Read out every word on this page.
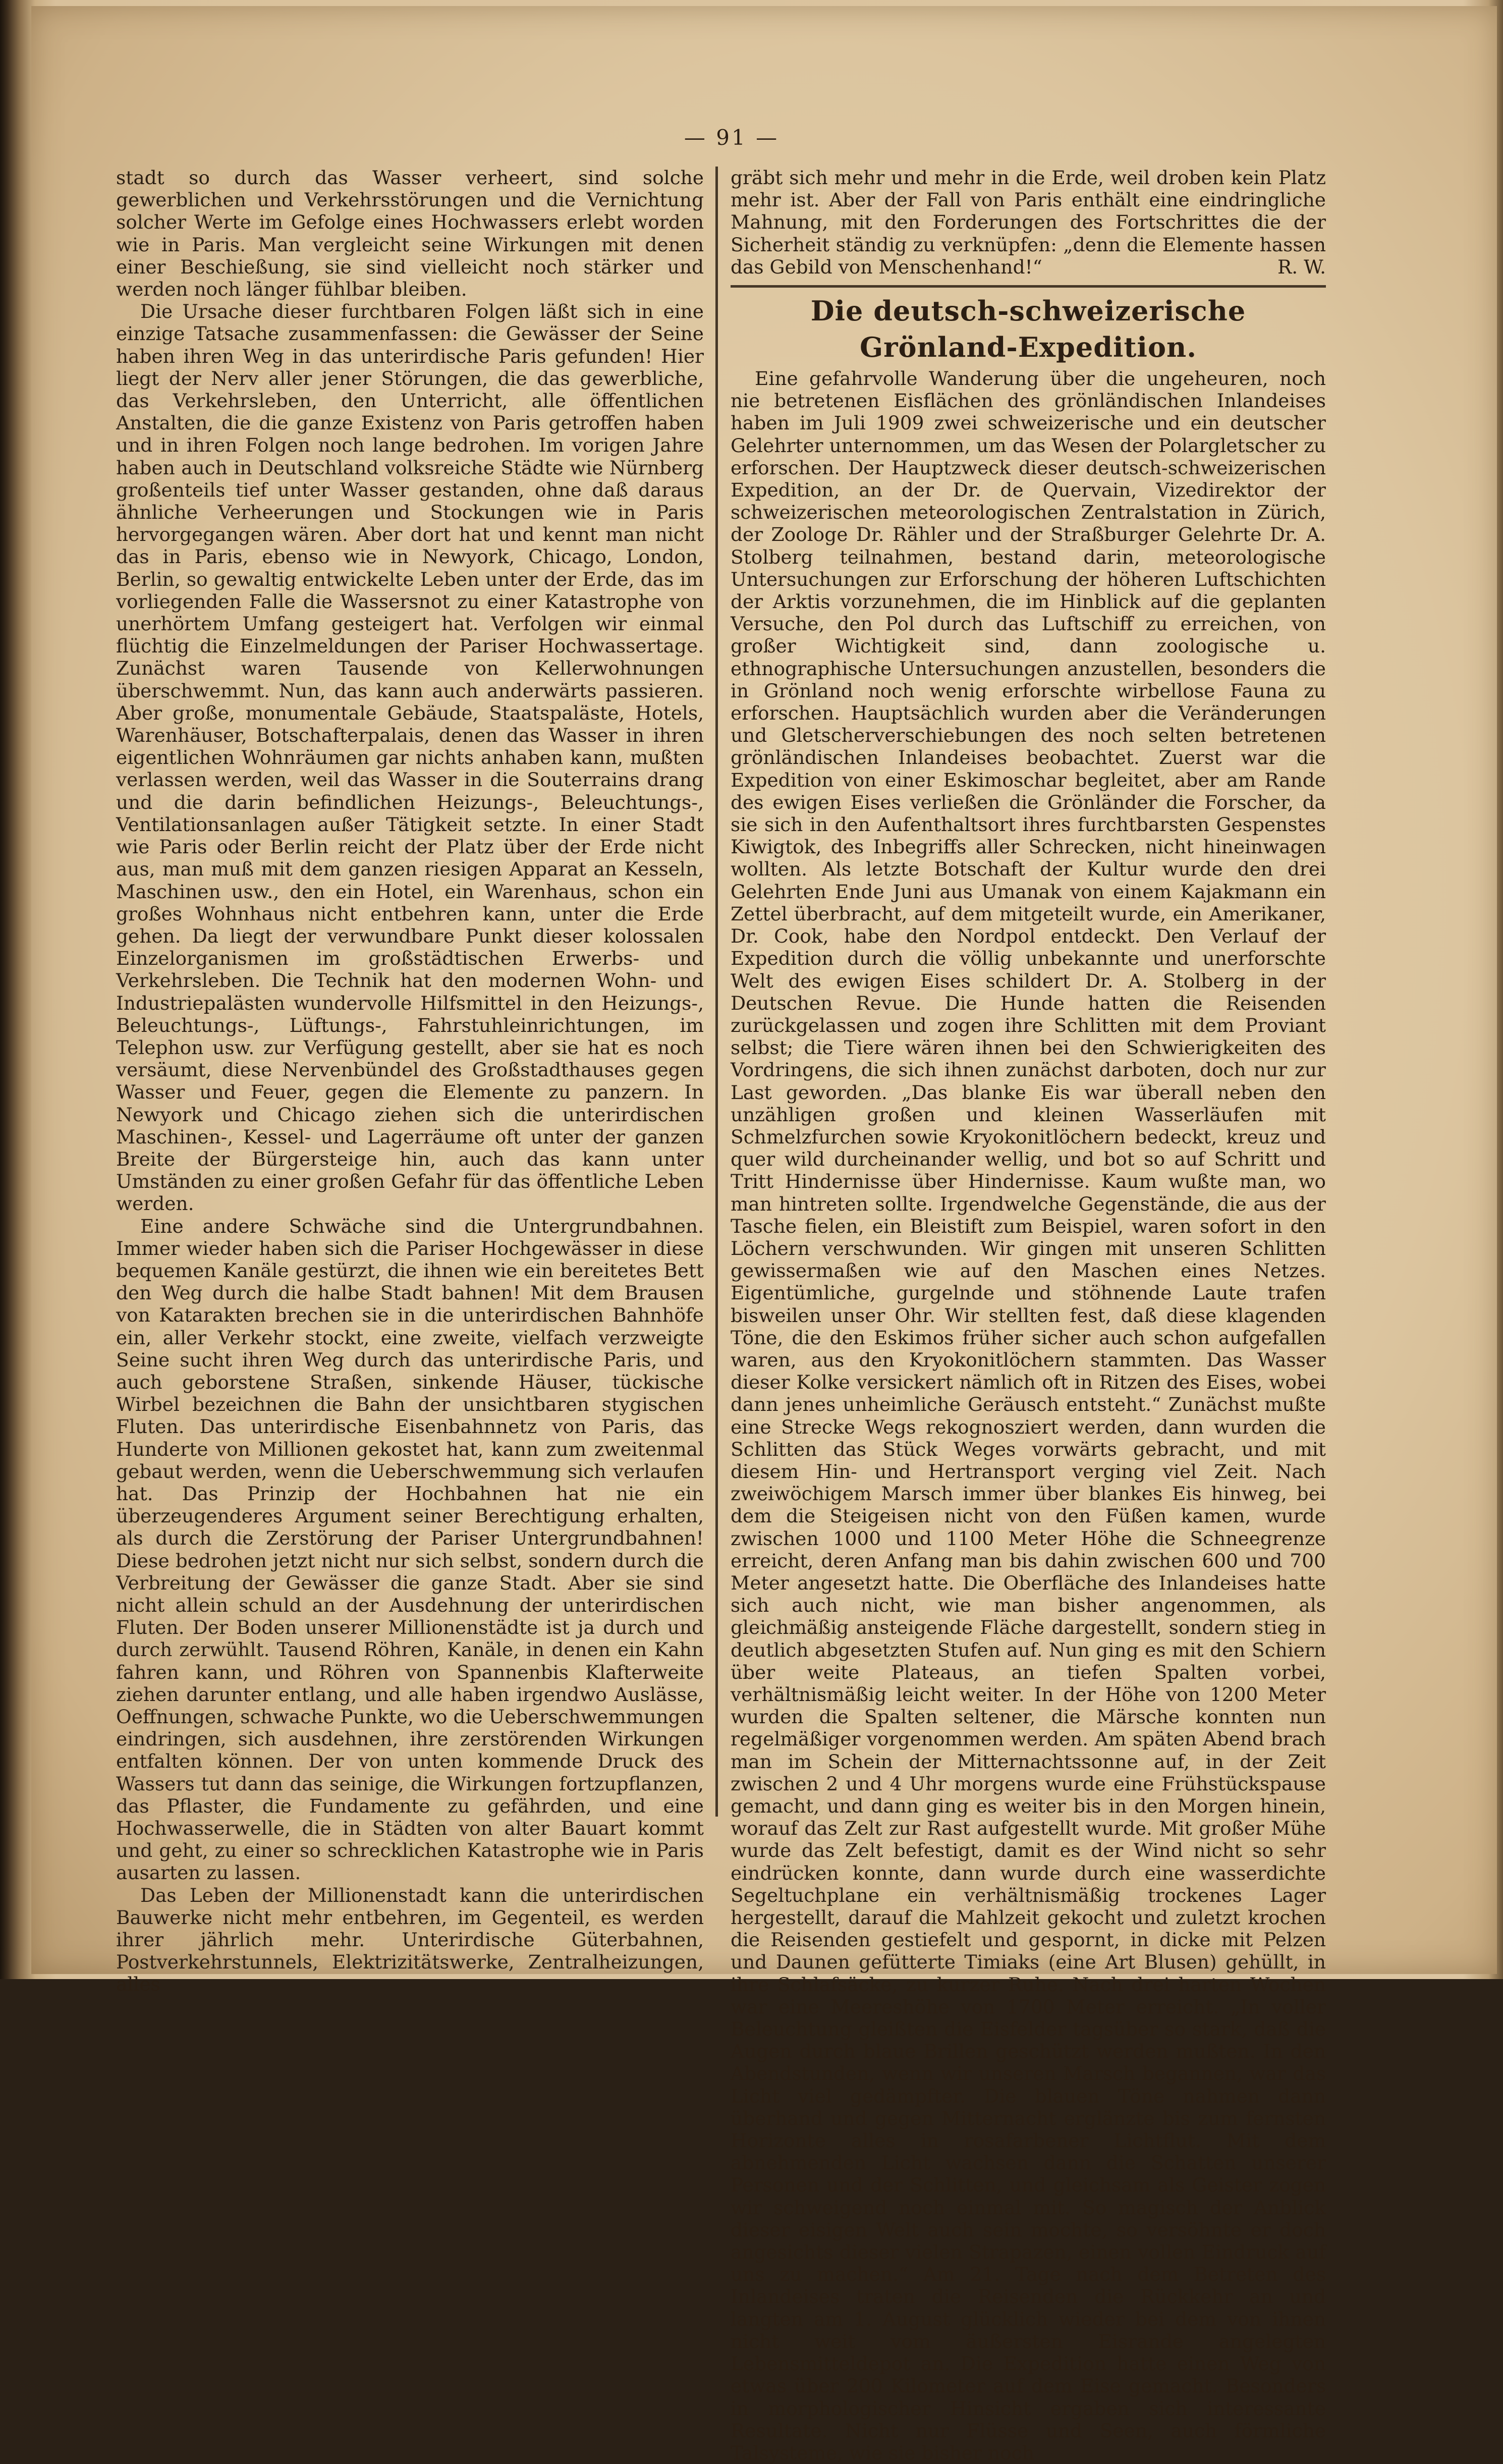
— 91 —

stadt so durch das Wasser verheert, sind solche gewerblichen und Verkehrsstörungen und die Vernichtung solcher Werte im Gefolge eines Hochwassers erlebt worden wie in Paris. Man vergleicht seine Wirkungen mit denen einer Beschießung, sie sind vielleicht noch stärker und werden noch länger fühlbar bleiben.

Die Ursache dieser furchtbaren Folgen läßt sich in eine einzige Tatsache zusammenfassen: die Gewässer der Seine haben ihren Weg in das unterirdische Paris gefunden! Hier liegt der Nerv aller jener Störungen, die das gewerbliche, das Verkehrsleben, den Unterricht, alle öffentlichen Anstalten, die die ganze Existenz von Paris getroffen haben und in ihren Folgen noch lange bedrohen. Im vorigen Jahre haben auch in Deutschland volksreiche Städte wie Nürnberg großenteils tief unter Wasser gestanden, ohne daß daraus ähnliche Verheerungen und Stockungen wie in Paris hervorgegangen wären. Aber dort hat und kennt man nicht das in Paris, ebenso wie in Newyork, Chicago, London, Berlin, so gewaltig entwickelte Leben unter der Erde, das im vorliegenden Falle die Wassersnot zu einer Katastrophe von unerhörtem Umfang gesteigert hat. Verfolgen wir einmal flüchtig die Einzelmeldungen der Pariser Hochwassertage. Zunächst waren Tausende von Kellerwohnungen überschwemmt. Nun, das kann auch anderwärts passieren. Aber große, monumentale Gebäude, Staatspaläste, Hotels, Warenhäuser, Botschafterpalais, denen das Wasser in ihren eigentlichen Wohnräumen gar nichts anhaben kann, mußten verlassen werden, weil das Wasser in die Souterrains drang und die darin befindlichen Heizungs-, Beleuchtungs-, Ventilationsanlagen außer Tätigkeit setzte. In einer Stadt wie Paris oder Berlin reicht der Platz über der Erde nicht aus, man muß mit dem ganzen riesigen Apparat an Kesseln, Maschinen usw., den ein Hotel, ein Warenhaus, schon ein großes Wohnhaus nicht entbehren kann, unter die Erde gehen. Da liegt der verwundbare Punkt dieser kolossalen Einzelorganismen im großstädtischen Erwerbs- und Verkehrsleben. Die Technik hat den modernen Wohn- und Industriepalästen wundervolle Hilfsmittel in den Heizungs-, Beleuchtungs-, Lüftungs-, Fahrstuhleinrichtungen, im Telephon usw. zur Verfügung gestellt, aber sie hat es noch versäumt, diese Nervenbündel des Großstadthauses gegen Wasser und Feuer, gegen die Elemente zu panzern. In Newyork und Chicago ziehen sich die unterirdischen Maschinen-, Kessel- und Lagerräume oft unter der ganzen Breite der Bürgersteige hin, auch das kann unter Umständen zu einer großen Gefahr für das öffentliche Leben werden.

Eine andere Schwäche sind die Untergrundbahnen. Immer wieder haben sich die Pariser Hochgewässer in diese bequemen Kanäle gestürzt, die ihnen wie ein bereitetes Bett den Weg durch die halbe Stadt bahnen! Mit dem Brausen von Katarakten brechen sie in die unterirdischen Bahnhöfe ein, aller Verkehr stockt, eine zweite, vielfach verzweigte Seine sucht ihren Weg durch das unterirdische Paris, und auch geborstene Straßen, sinkende Häuser, tückische Wirbel bezeichnen die Bahn der unsichtbaren stygischen Fluten. Das unterirdische Eisenbahnnetz von Paris, das Hunderte von Millionen gekostet hat, kann zum zweitenmal gebaut werden, wenn die Ueberschwemmung sich verlaufen hat. Das Prinzip der Hochbahnen hat nie ein überzeugenderes Argument seiner Berechtigung erhalten, als durch die Zerstörung der Pariser Untergrundbahnen! Diese bedrohen jetzt nicht nur sich selbst, sondern durch die Verbreitung der Gewässer die ganze Stadt. Aber sie sind nicht allein schuld an der Ausdehnung der unterirdischen Fluten. Der Boden unserer Millionenstädte ist ja durch und durch zerwühlt. Tausend Röhren, Kanäle, in denen ein Kahn fahren kann, und Röhren von Spannenbis Klafterweite ziehen darunter entlang, und alle haben irgendwo Auslässe, Oeffnungen, schwache Punkte, wo die Ueberschwemmungen eindringen, sich ausdehnen, ihre zerstörenden Wirkungen entfalten können. Der von unten kommende Druck des Wassers tut dann das seinige, die Wirkungen fortzupflanzen, das Pflaster, die Fundamente zu gefährden, und eine Hochwasserwelle, die in Städten von alter Bauart kommt und geht, zu einer so schrecklichen Katastrophe wie in Paris ausarten zu lassen.

Das Leben der Millionenstadt kann die unterirdischen Bauwerke nicht mehr entbehren, im Gegenteil, es werden ihrer jährlich mehr. Unterirdische Güterbahnen, Postverkehrstunnels, Elektrizitätswerke, Zentralheizungen, alles

gräbt sich mehr und mehr in die Erde, weil droben kein Platz mehr ist. Aber der Fall von Paris enthält eine eindringliche Mahnung, mit den Forderungen des Fortschrittes die der Sicherheit ständig zu verknüpfen: „denn die Elemente hassen das Gebild von Menschenhand!“	R. W.

Die deutsch-schweizerische Grönland-Expedition.

Eine gefahrvolle Wanderung über die ungeheuren, noch nie betretenen Eisflächen des grönländischen Inlandeises haben im Juli 1909 zwei schweizerische und ein deutscher Gelehrter unternommen, um das Wesen der Polargletscher zu erforschen. Der Hauptzweck dieser deutsch-schweizerischen Expedition, an der Dr. de Quervain, Vizedirektor der schweizerischen meteorologischen Zentralstation in Zürich, der Zoologe Dr. Rähler und der Straßburger Gelehrte Dr. A. Stolberg teilnahmen, bestand darin, meteorologische Untersuchungen zur Erforschung der höheren Luftschichten der Arktis vorzunehmen, die im Hinblick auf die geplanten Versuche, den Pol durch das Luftschiff zu erreichen, von großer Wichtigkeit sind, dann zoologische u. ethnographische Untersuchungen anzustellen, besonders die in Grönland noch wenig erforschte wirbellose Fauna zu erforschen. Hauptsächlich wurden aber die Veränderungen und Gletscherverschiebungen des noch selten betretenen grönländischen Inlandeises beobachtet. Zuerst war die Expedition von einer Eskimoschar begleitet, aber am Rande des ewigen Eises verließen die Grönländer die Forscher, da sie sich in den Aufenthaltsort ihres furchtbarsten Gespenstes Kiwigtok, des Inbegriffs aller Schrecken, nicht hineinwagen wollten. Als letzte Botschaft der Kultur wurde den drei Gelehrten Ende Juni aus Umanak von einem Kajakmann ein Zettel überbracht, auf dem mitgeteilt wurde, ein Amerikaner, Dr. Cook, habe den Nordpol entdeckt. Den Verlauf der Expedition durch die völlig unbekannte und unerforschte Welt des ewigen Eises schildert Dr. A. Stolberg in der Deutschen Revue. Die Hunde hatten die Reisenden zurückgelassen und zogen ihre Schlitten mit dem Proviant selbst; die Tiere wären ihnen bei den Schwierigkeiten des Vordringens, die sich ihnen zunächst darboten, doch nur zur Last geworden. „Das blanke Eis war überall neben den unzähligen großen und kleinen Wasserläufen mit Schmelzfurchen sowie Kryokonitlöchern bedeckt, kreuz und quer wild durcheinander wellig, und bot so auf Schritt und Tritt Hindernisse über Hindernisse. Kaum wußte man, wo man hintreten sollte. Irgendwelche Gegenstände, die aus der Tasche fielen, ein Bleistift zum Beispiel, waren sofort in den Löchern verschwunden. Wir gingen mit unseren Schlitten gewissermaßen wie auf den Maschen eines Netzes. Eigentümliche, gurgelnde und stöhnende Laute trafen bisweilen unser Ohr. Wir stellten fest, daß diese klagenden Töne, die den Eskimos früher sicher auch schon aufgefallen waren, aus den Kryokonitlöchern stammten. Das Wasser dieser Kolke versickert nämlich oft in Ritzen des Eises, wobei dann jenes unheimliche Geräusch entsteht.“ Zunächst mußte eine Strecke Wegs rekognosziert werden, dann wurden die Schlitten das Stück Weges vorwärts gebracht, und mit diesem Hin- und Hertransport verging viel Zeit. Nach zweiwöchigem Marsch immer über blankes Eis hinweg, bei dem die Steigeisen nicht von den Füßen kamen, wurde zwischen 1000 und 1100 Meter Höhe die Schneegrenze erreicht, deren Anfang man bis dahin zwischen 600 und 700 Meter angesetzt hatte. Die Oberfläche des Inlandeises hatte sich auch nicht, wie man bisher angenommen, als gleichmäßig ansteigende Fläche dargestellt, sondern stieg in deutlich abgesetzten Stufen auf. Nun ging es mit den Schiern über weite Plateaus, an tiefen Spalten vorbei, verhältnismäßig leicht weiter. In der Höhe von 1200 Meter wurden die Spalten seltener, die Märsche konnten nun regelmäßiger vorgenommen werden. Am späten Abend brach man im Schein der Mitternachtssonne auf, in der Zeit zwischen 2 und 4 Uhr morgens wurde eine Frühstückspause gemacht, und dann ging es weiter bis in den Morgen hinein, worauf das Zelt zur Rast aufgestellt wurde. Mit großer Mühe wurde das Zelt befestigt, damit es der Wind nicht so sehr eindrücken konnte, dann wurde durch eine wasserdichte Segeltuchplane ein verhältnismäßig trockenes Lager hergestellt, darauf die Mahlzeit gekocht und zuletzt krochen die Reisenden gestiefelt und gespornt, in dicke mit Pelzen und Daunen gefütterte Timiaks (eine Art Blusen) gehüllt, in ihre Schlafsäcke, zu kurzer Ruhe. Nach drei harten Wochen war eine Meereshöhe von 1700 Meter erreicht. „In voller Beleuchtung gleißten die Eisfelder tagsüber so stark, daß die Augen durch blaue Brillen geschützt werden mußten. In den Abendstunden, wenn wir unseren Marsch begannen, war das Licht viel gedämpfter. Die blauen Töne nahmen dann überhand und gegen Mitternacht erglänzte bis zum fernsten Horizonte alles in rosafarbener Lichtflut. Mit dem abnehmenden Licht wachsen dann die Schatten unserer Personen und der Schlitten, und gleichsam als Geister zogen wir schweigend noch einmal mit. So magisch der Anblick dieser eisigen Welt auch sein mochte, so versöhnte er doch angesichts dieser vielen Strapazen, einen vollen Eindruck auf uns zu machen.“ Am 21. Tage nach dem Betreten des Inlandeises traten die Reisenden die Rückkehr an und langten am 1. August glücklich wieder bei dem von ihnen nicht weit vom äußersten Eisrande angelegten Lebensmitteldepot an. Die Expedition hatte einen Weg von etwas über 200 Kilometer auf dem Eise gemacht. Besonders in morphologischer Hinsicht ergaben sich interessante Resultate. Nicht nur Flüsse und Seen, auch förmliche Talsysteme, wie sie bisher noch
